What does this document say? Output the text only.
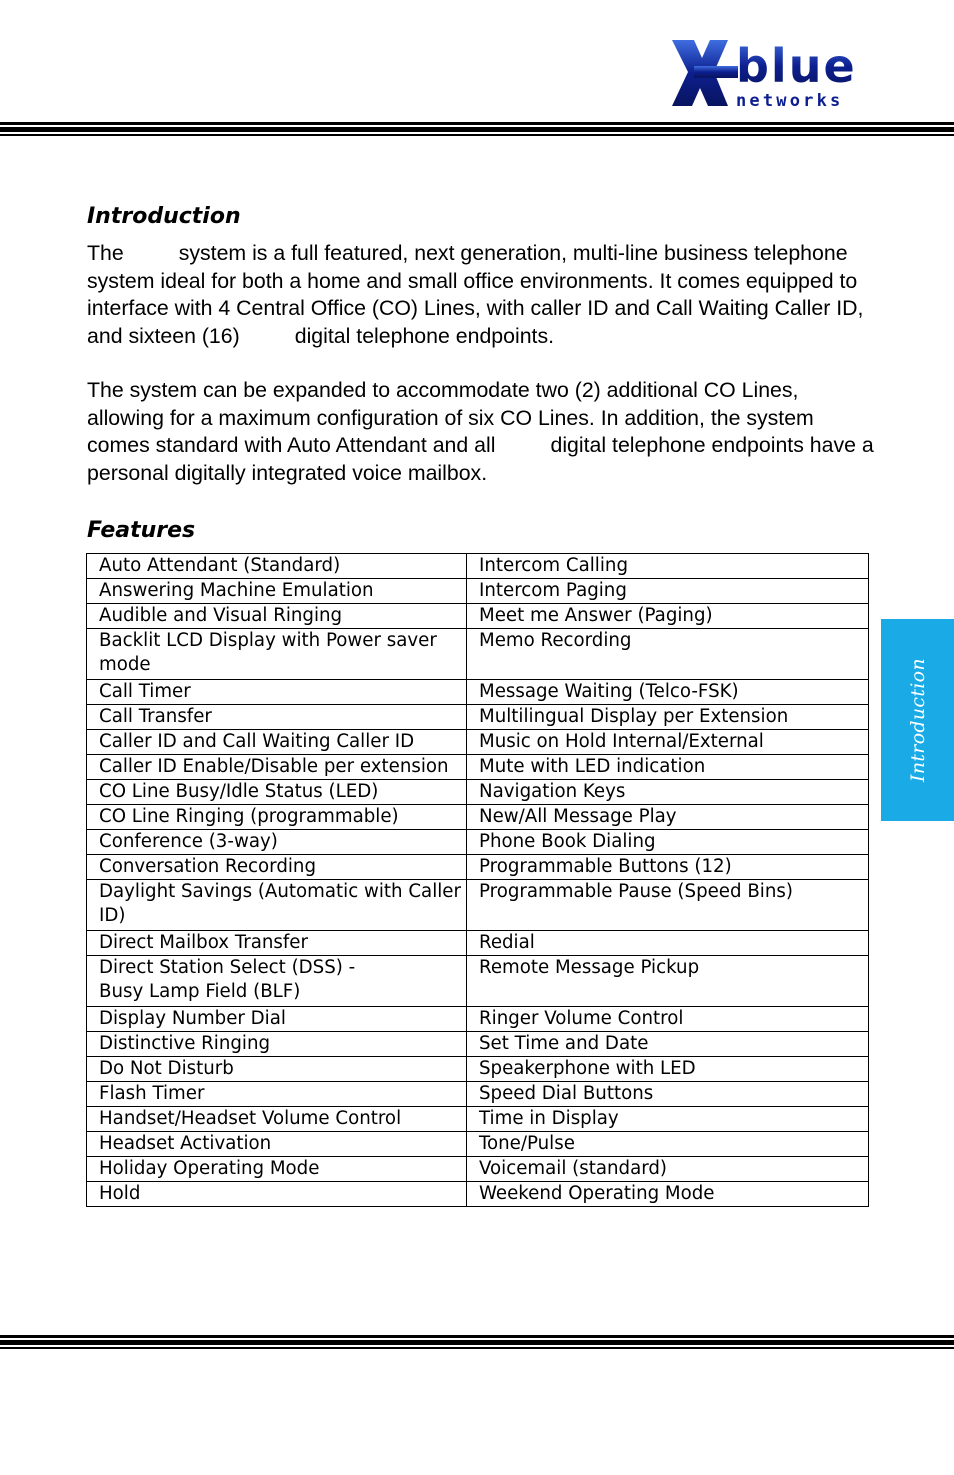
blue
networks
Introduction
Introduction

The	system is a full featured, next generation, multi-line business telephone system ideal for both a home and small office environments. It comes equipped to interface with 4 Central Office (CO) Lines, with caller ID and Call Waiting Caller ID, and sixteen (16)	digital telephone endpoints.

The system can be expanded to accommodate two (2) additional CO Lines, allowing for a maximum configuration of six CO Lines. In addition, the system comes standard with Auto Attendant and all	digital telephone endpoints have a personal digitally integrated voice mailbox.

Features
Auto Attendant (Standard)	Intercom Calling
Answering Machine Emulation	Intercom Paging
Audible and Visual Ringing	Meet me Answer (Paging)
Backlit LCD Display with Power saver mode	Memo Recording
Call Timer	Message Waiting (Telco-FSK)
Call Transfer	Multilingual Display per Extension
Caller ID and Call Waiting Caller ID	Music on Hold Internal/External
Caller ID Enable/Disable per extension	Mute with LED indication
CO Line Busy/Idle Status (LED)	Navigation Keys
CO Line Ringing (programmable)	New/All Message Play
Conference (3-way)	Phone Book Dialing
Conversation Recording	Programmable Buttons (12)
Daylight Savings (Automatic with Caller ID)	Programmable Pause (Speed Bins)
Direct Mailbox Transfer	Redial
Direct Station Select (DSS) -
Busy Lamp Field (BLF)	Remote Message Pickup
Display Number Dial	Ringer Volume Control
Distinctive Ringing	Set Time and Date
Do Not Disturb	Speakerphone with LED
Flash Timer	Speed Dial Buttons
Handset/Headset Volume Control	Time in Display
Headset Activation	Tone/Pulse
Holiday Operating Mode	Voicemail (standard)
Hold	Weekend Operating Mode
